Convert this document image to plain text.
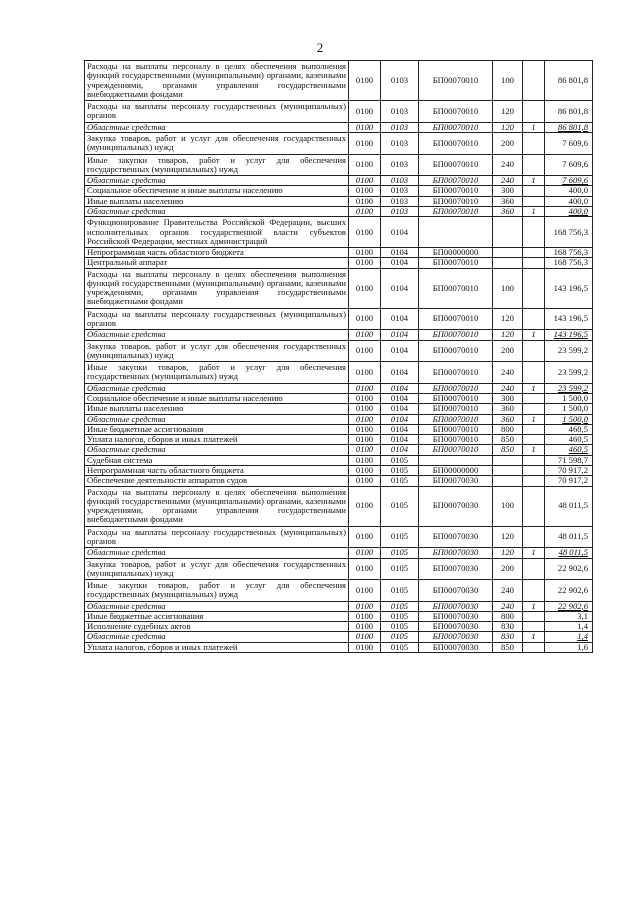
2
Расходы на выплаты персоналу в целях обеспечения выполнения функций государственными (муниципальными) органами, казенными учреждениями, органами управления государственными внебюджетными фондами	0100	0103	БП00070010	100		86 801,8
Расходы на выплаты персоналу государственных (муниципальных) органов	0100	0103	БП00070010	120		86 801,8
Областные средства	0100	0103	БП00070010	120	1	86 801,8
Закупка товаров, работ и услуг для обеспечения государственных (муниципальных) нужд	0100	0103	БП00070010	200		7 609,6
Иные закупки товаров, работ и услуг для обеспечения государственных (муниципальных) нужд	0100	0103	БП00070010	240		7 609,6
Областные средства	0100	0103	БП00070010	240	1	7 609,6
Социальное обеспечение и иные выплаты населению	0100	0103	БП00070010	300		400,0
Иные выплаты населению	0100	0103	БП00070010	360		400,0
Областные средства	0100	0103	БП00070010	360	1	400,0
Функционирование Правительства Российской Федерации, высших исполнительных органов государственной власти субъектов Российской Федерации, местных администраций	0100	0104				168 756,3
Непрограммная часть областного бюджета	0100	0104	БП00000000			168 756,3
Центральный аппарат	0100	0104	БП00070010			168 756,3
Расходы на выплаты персоналу в целях обеспечения выполнения функций государственными (муниципальными) органами, казенными учреждениями, органами управления государственными внебюджетными фондами	0100	0104	БП00070010	100		143 196,5
Расходы на выплаты персоналу государственных (муниципальных) органов	0100	0104	БП00070010	120		143 196,5
Областные средства	0100	0104	БП00070010	120	1	143 196,5
Закупка товаров, работ и услуг для обеспечения государственных (муниципальных) нужд	0100	0104	БП00070010	200		23 599,2
Иные закупки товаров, работ и услуг для обеспечения государственных (муниципальных) нужд	0100	0104	БП00070010	240		23 599,2
Областные средства	0100	0104	БП00070010	240	1	23 599,2
Социальное обеспечение и иные выплаты населению	0100	0104	БП00070010	300		1 500,0
Иные выплаты населению	0100	0104	БП00070010	360		1 500,0
Областные средства	0100	0104	БП00070010	360	1	1 500,0
Иные бюджетные ассигнования	0100	0104	БП00070010	800		460,5
Уплата налогов, сборов и иных платежей	0100	0104	БП00070010	850		460,5
Областные средства	0100	0104	БП00070010	850	1	460,5
Судебная система	0100	0105				71 598,7
Непрограммная часть областного бюджета	0100	0105	БП00000000			70 917,2
Обеспечение деятельности аппаратов судов	0100	0105	БП00070030			70 917,2
Расходы на выплаты персоналу в целях обеспечения выполнения функций государственными (муниципальными) органами, казенными учреждениями, органами управления государственными внебюджетными фондами	0100	0105	БП00070030	100		48 011,5
Расходы на выплаты персоналу государственных (муниципальных) органов	0100	0105	БП00070030	120		48 011,5
Областные средства	0100	0105	БП00070030	120	1	48 011,5
Закупка товаров, работ и услуг для обеспечения государственных (муниципальных) нужд	0100	0105	БП00070030	200		22 902,6
Иные закупки товаров, работ и услуг для обеспечения государственных (муниципальных) нужд	0100	0105	БП00070030	240		22 902,6
Областные средства	0100	0105	БП00070030	240	1	22 902,6
Иные бюджетные ассигнования	0100	0105	БП00070030	800		3,1
Исполнение судебных актов	0100	0105	БП00070030	830		1,4
Областные средства	0100	0105	БП00070030	830	1	1,4
Уплата налогов, сборов и иных платежей	0100	0105	БП00070030	850		1,6
